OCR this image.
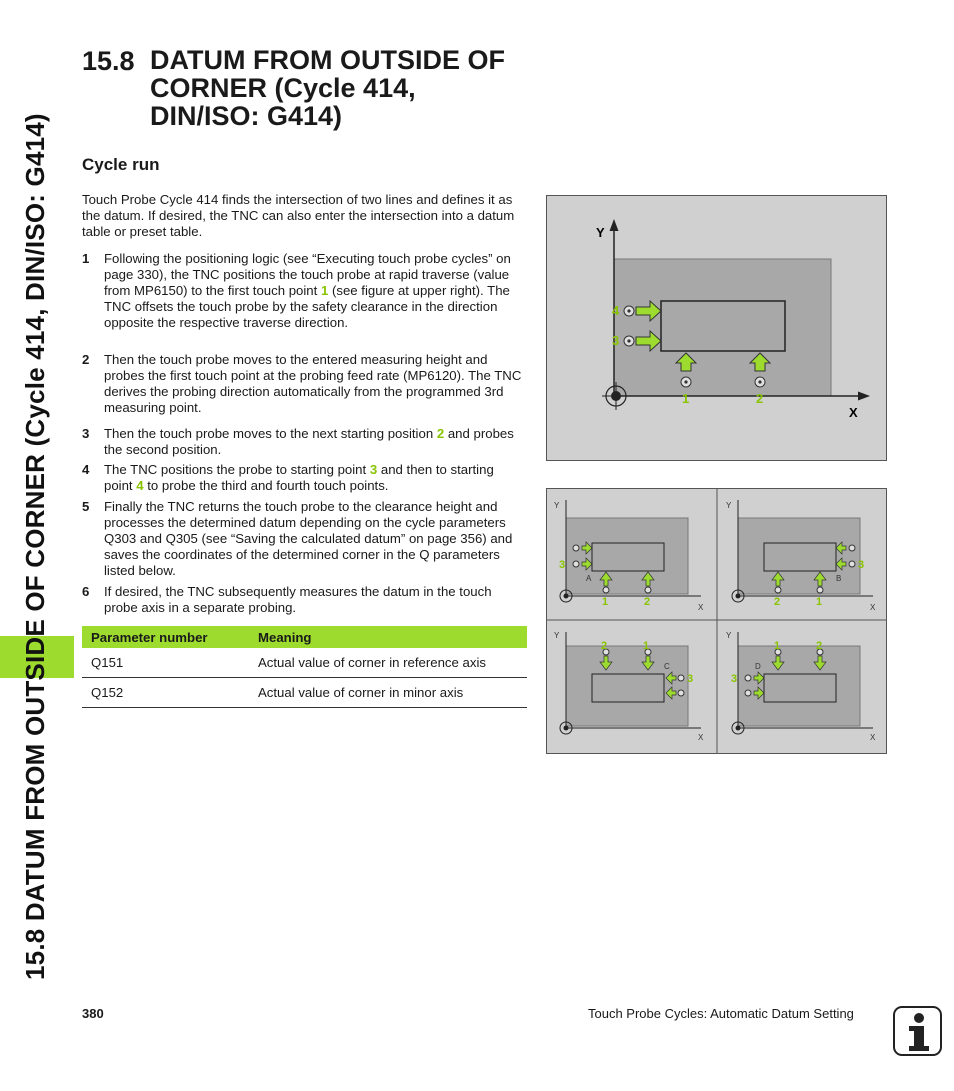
15.8 DATUM FROM OUTSIDE OF CORNER (Cycle 414, DIN/ISO: G414)
15.8 DATUM FROM OUTSIDE OF CORNER (Cycle 414, DIN/ISO: G414)
Cycle run
Touch Probe Cycle 414 finds the intersection of two lines and defines it as the datum. If desired, the TNC can also enter the intersection into a datum table or preset table.
1 Following the positioning logic (see “Executing touch probe cycles” on page 330), the TNC positions the touch probe at rapid traverse (value from MP6150) to the first touch point 1 (see figure at upper right). The TNC offsets the touch probe by the safety clearance in the direction opposite the respective traverse direction.
2 Then the touch probe moves to the entered measuring height and probes the first touch point at the probing feed rate (MP6120). The TNC derives the probing direction automatically from the programmed 3rd measuring point.
3 Then the touch probe moves to the next starting position 2 and probes the second position.
4 The TNC positions the probe to starting point 3 and then to starting point 4 to probe the third and fourth touch points.
5 Finally the TNC returns the touch probe to the clearance height and processes the determined datum depending on the cycle parameters Q303 and Q305 (see “Saving the calculated datum” on page 356) and saves the coordinates of the determined corner in the Q parameters listed below.
6 If desired, the TNC subsequently measures the datum in the touch probe axis in a separate probing.
Parameter number	Meaning
Q151	Actual value of corner in reference axis
Q152	Actual value of corner in minor axis
Y
X
1	2
3
4
Y
X
A
3
1	2
Y
X
B
3
2	1
Y
X
C
2	1
3
Y
X
D
1	2
3
380	Touch Probe Cycles: Automatic Datum Setting
